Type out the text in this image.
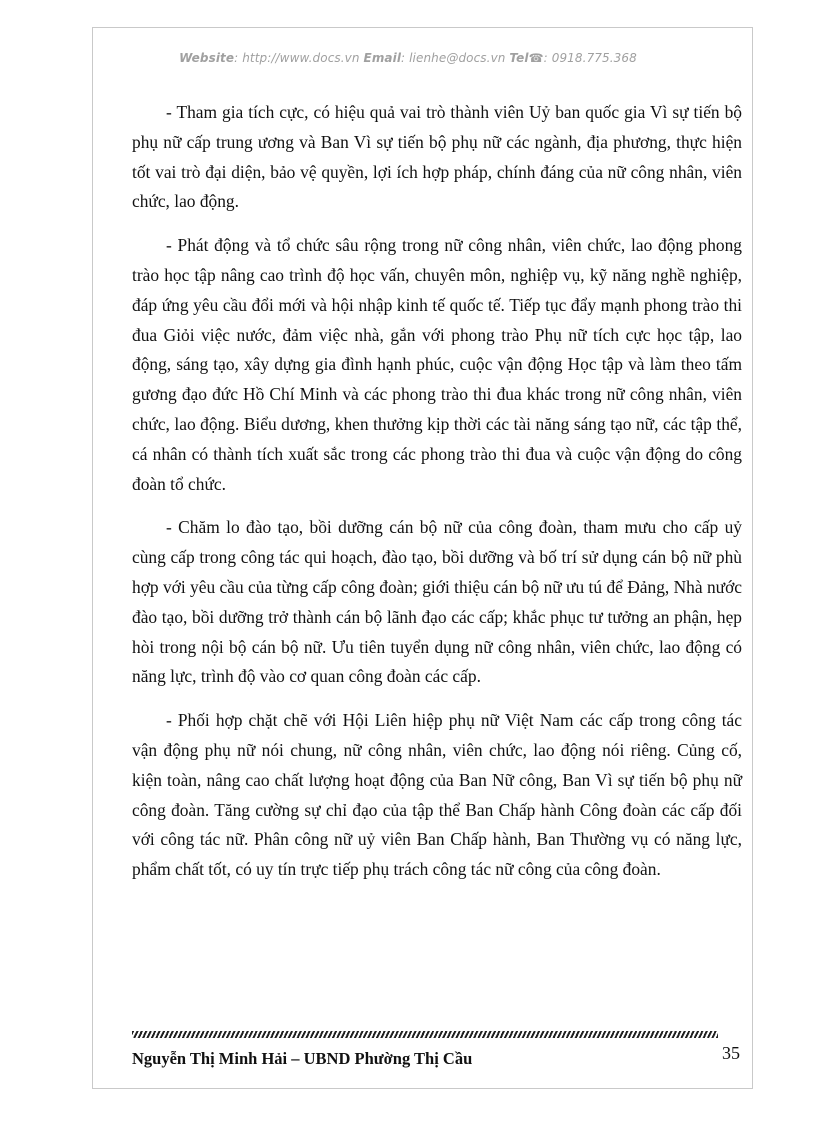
Website: http://www.docs.vn Email: lienhe@docs.vn Tel☎: 0918.775.368

- Tham gia tích cực, có hiệu quả vai trò thành viên Uỷ ban quốc gia Vì sự tiến bộ phụ nữ cấp trung ương và Ban Vì sự tiến bộ phụ nữ các ngành, địa phương, thực hiện tốt vai trò đại diện, bảo vệ quyền, lợi ích hợp pháp, chính đáng của nữ công nhân, viên chức, lao động.

- Phát động và tổ chức sâu rộng trong nữ công nhân, viên chức, lao động phong trào học tập nâng cao trình độ học vấn, chuyên môn, nghiệp vụ, kỹ năng nghề nghiệp, đáp ứng yêu cầu đổi mới và hội nhập kinh tế quốc tế. Tiếp tục đẩy mạnh phong trào thi đua Giỏi việc nước, đảm việc nhà, gắn với phong trào Phụ nữ tích cực học tập, lao động, sáng tạo, xây dựng gia đình hạnh phúc, cuộc vận động Học tập và làm theo tấm gương đạo đức Hồ Chí Minh và các phong trào thi đua khác trong nữ công nhân, viên chức, lao động. Biểu dương, khen thưởng kịp thời các tài năng sáng tạo nữ, các tập thể, cá nhân có thành tích xuất sắc trong các phong trào thi đua và cuộc vận động do công đoàn tổ chức.

- Chăm lo đào tạo, bồi dưỡng cán bộ nữ của công đoàn, tham mưu cho cấp uỷ cùng cấp trong công tác qui hoạch, đào tạo, bồi dưỡng và bố trí sử dụng cán bộ nữ phù hợp với yêu cầu của từng cấp công đoàn; giới thiệu cán bộ nữ ưu tú để Đảng, Nhà nước đào tạo, bồi dưỡng trở thành cán bộ lãnh đạo các cấp; khắc phục tư tưởng an phận, hẹp hòi trong nội bộ cán bộ nữ. Ưu tiên tuyển dụng nữ công nhân, viên chức, lao động có năng lực, trình độ vào cơ quan công đoàn các cấp.

- Phối hợp chặt chẽ với Hội Liên hiệp phụ nữ Việt Nam các cấp trong công tác vận động phụ nữ nói chung, nữ công nhân, viên chức, lao động nói riêng. Củng cố, kiện toàn, nâng cao chất lượng hoạt động của Ban Nữ công, Ban Vì sự tiến bộ phụ nữ công đoàn. Tăng cường sự chỉ đạo của tập thể Ban Chấp hành Công đoàn các cấp đối với công tác nữ. Phân công nữ uỷ viên Ban Chấp hành, Ban Thường vụ có năng lực, phẩm chất tốt, có uy tín trực tiếp phụ trách công tác nữ công của công đoàn.

Nguyễn Thị Minh Hải – UBND Phường Thị Cầu	35
